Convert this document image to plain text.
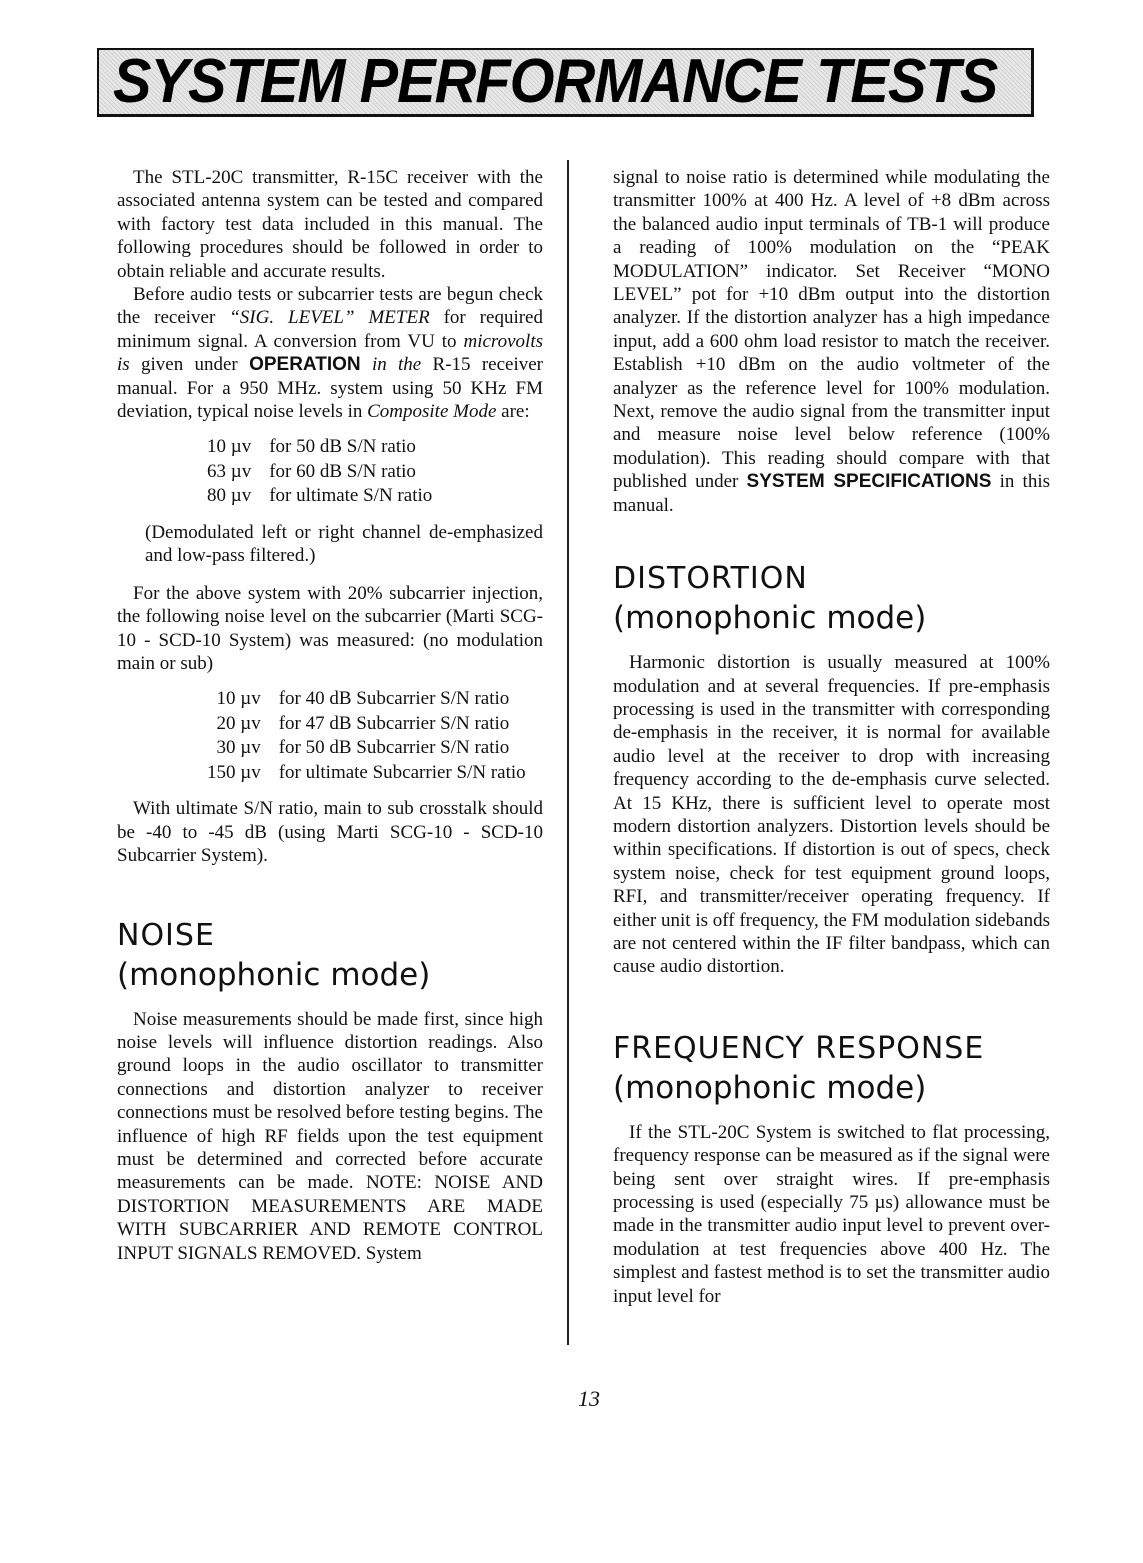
SYSTEM PERFORMANCE TESTS

The STL-20C transmitter, R-15C receiver with the associated antenna system can be tested and compared with factory test data included in this manual. The following procedures should be followed in order to obtain reliable and accurate results.

Before audio tests or subcarrier tests are begun check the receiver “SIG. LEVEL” METER for required minimum signal. A conversion from VU to microvolts is given under OPERATION in the R-15 receiver manual. For a 950 MHz. system using 50 KHz FM deviation, typical noise levels in Composite Mode are:

10 µv	for 50 dB S/N ratio
63 µv	for 60 dB S/N ratio
80 µv	for ultimate S/N ratio

(Demodulated left or right channel de-emphasized and low-pass filtered.)

For the above system with 20% subcarrier injection, the following noise level on the subcarrier (Marti SCG-10 - SCD-10 System) was measured: (no modulation main or sub)

10 µv	for 40 dB Subcarrier S/N ratio
20 µv	for 47 dB Subcarrier S/N ratio
30 µv	for 50 dB Subcarrier S/N ratio
150 µv	for ultimate Subcarrier S/N ratio

With ultimate S/N ratio, main to sub crosstalk should be -40 to -45 dB (using Marti SCG-10 - SCD-10 Subcarrier System).

NOISE
(monophonic mode)

Noise measurements should be made first, since high noise levels will influence distortion readings. Also ground loops in the audio oscillator to transmitter connections and distortion analyzer to receiver connections must be resolved before testing begins. The influence of high RF fields upon the test equipment must be determined and corrected before accurate measurements can be made. NOTE: NOISE AND DISTORTION MEASUREMENTS ARE MADE WITH SUBCARRIER AND REMOTE CONTROL INPUT SIGNALS REMOVED. System

signal to noise ratio is determined while modulating the transmitter 100% at 400 Hz. A level of +8 dBm across the balanced audio input terminals of TB-1 will produce a reading of 100% modulation on the “PEAK MODULATION” indicator. Set Receiver “MONO LEVEL” pot for +10 dBm output into the distortion analyzer. If the distortion analyzer has a high impedance input, add a 600 ohm load resistor to match the receiver. Establish +10 dBm on the audio voltmeter of the analyzer as the reference level for 100% modulation. Next, remove the audio signal from the transmitter input and measure noise level below reference (100% modulation). This reading should compare with that published under SYSTEM SPECIFICATIONS in this manual.

DISTORTION
(monophonic mode)

Harmonic distortion is usually measured at 100% modulation and at several frequencies. If pre-emphasis processing is used in the transmitter with corresponding de-emphasis in the receiver, it is normal for available audio level at the receiver to drop with increasing frequency according to the de-emphasis curve selected. At 15 KHz, there is sufficient level to operate most modern distortion analyzers. Distortion levels should be within specifications. If distortion is out of specs, check system noise, check for test equipment ground loops, RFI, and transmitter/receiver operating frequency. If either unit is off frequency, the FM modulation sidebands are not centered within the IF filter bandpass, which can cause audio distortion.

FREQUENCY RESPONSE
(monophonic mode)

If the STL-20C System is switched to flat processing, frequency response can be measured as if the signal were being sent over straight wires. If pre-emphasis processing is used (especially 75 µs) allowance must be made in the transmitter audio input level to prevent over-modulation at test frequencies above 400 Hz. The simplest and fastest method is to set the transmitter audio input level for

13
